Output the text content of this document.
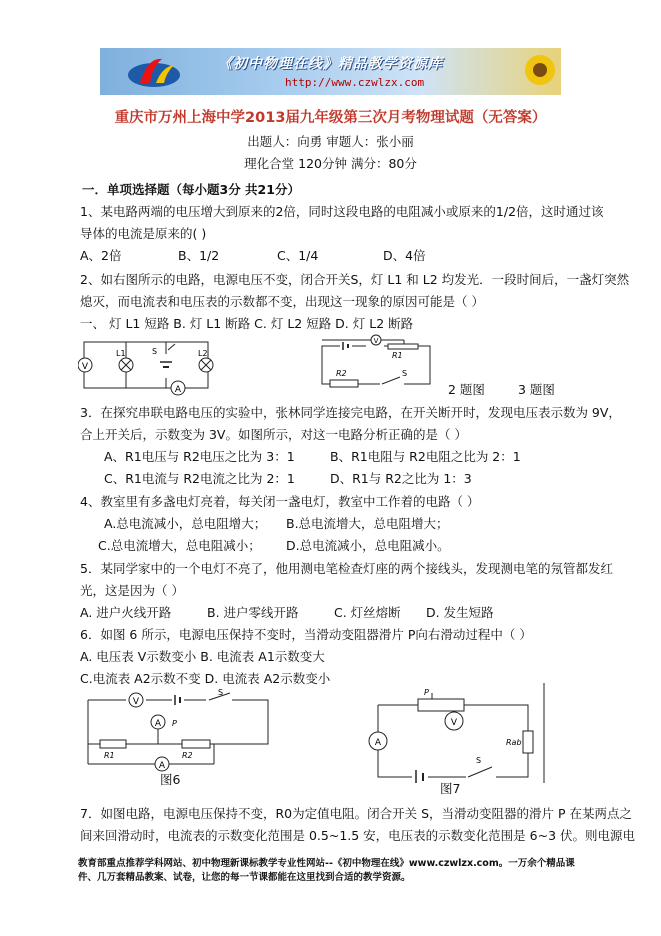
《初中物理在线》精品教学资源库
http://www.czwlzx.com
重庆市万州上海中学2013届九年级第三次月考物理试题（无答案）
出题人：向勇 审题人：张小丽
理化合堂 120分钟 满分：80分
一．单项选择题（每小题3分 共21分）
1、某电路两端的电压增大到原来的2倍，同时这段电路的电阻减小或原来的1/2倍，这时通过该
导体的电流是原来的( )
A、2倍	B、1/2	C、1/4	D、4倍
2、如右图所示的电路，电源电压不变，闭合开关S，灯 L1 和 L2 均发光．一段时间后，一盏灯突然
熄灭，而电流表和电压表的示数都不变，出现这一现象的原因可能是（ ）
一、 灯 L1 短路 B. 灯 L1 断路 C. 灯 L2 短路 D. 灯 L2 断路
V
L1	S	L2
A
V
R1
R2	S
2 题图	3 题图
3．在探究串联电路电压的实验中，张林同学连接完电路，在开关断开时，发现电压表示数为 9V，
合上开关后，示数变为 3V。如图所示，对这一电路分析正确的是（ ）
A、R1电压与 R2电压之比为 3：1	B、R1电阻与 R2电阻之比为 2：1
C、R1电流与 R2电流之比为 2：1	D、R1与 R2之比为 1：3
4、教室里有多盏电灯亮着，每关闭一盏电灯，教室中工作着的电路（ ）
A.总电流减小，总电阻增大； B.总电流增大，总电阻增大；
C.总电流增大，总电阻减小； D.总电流减小，总电阻减小。
5．某同学家中的一个电灯不亮了，他用测电笔检查灯座的两个接线头，发现测电笔的氖管都发红
光，这是因为（ ）
A. 进户火线开路	B. 进户零线开路	C. 灯丝熔断 D. 发生短路
6．如图 6 所示，电源电压保持不变时，当滑动变阻器滑片 P向右滑动过程中（ ）
A. 电压表 V示数变小 B. 电流表 A1示数变大
C.电流表 A2示数不变 D. 电流表 A2示数变小
V
S
A P
R1	R2
A
图6
P
V
A	Rab
S
图7
7．如图电路，电源电压保持不变，R0为定值电阻。闭合开关 S，当滑动变阻器的滑片 P 在某两点之
间来回滑动时，电流表的示数变化范围是 0.5~1.5 安，电压表的示数变化范围是 6~3 伏。则电源电
教育部重点推荐学科网站、初中物理新课标教学专业性网站--《初中物理在线》www.czwlzx.com。一万余个精品课
件、几万套精品教案、试卷，让您的每一节课都能在这里找到合适的教学资源。
